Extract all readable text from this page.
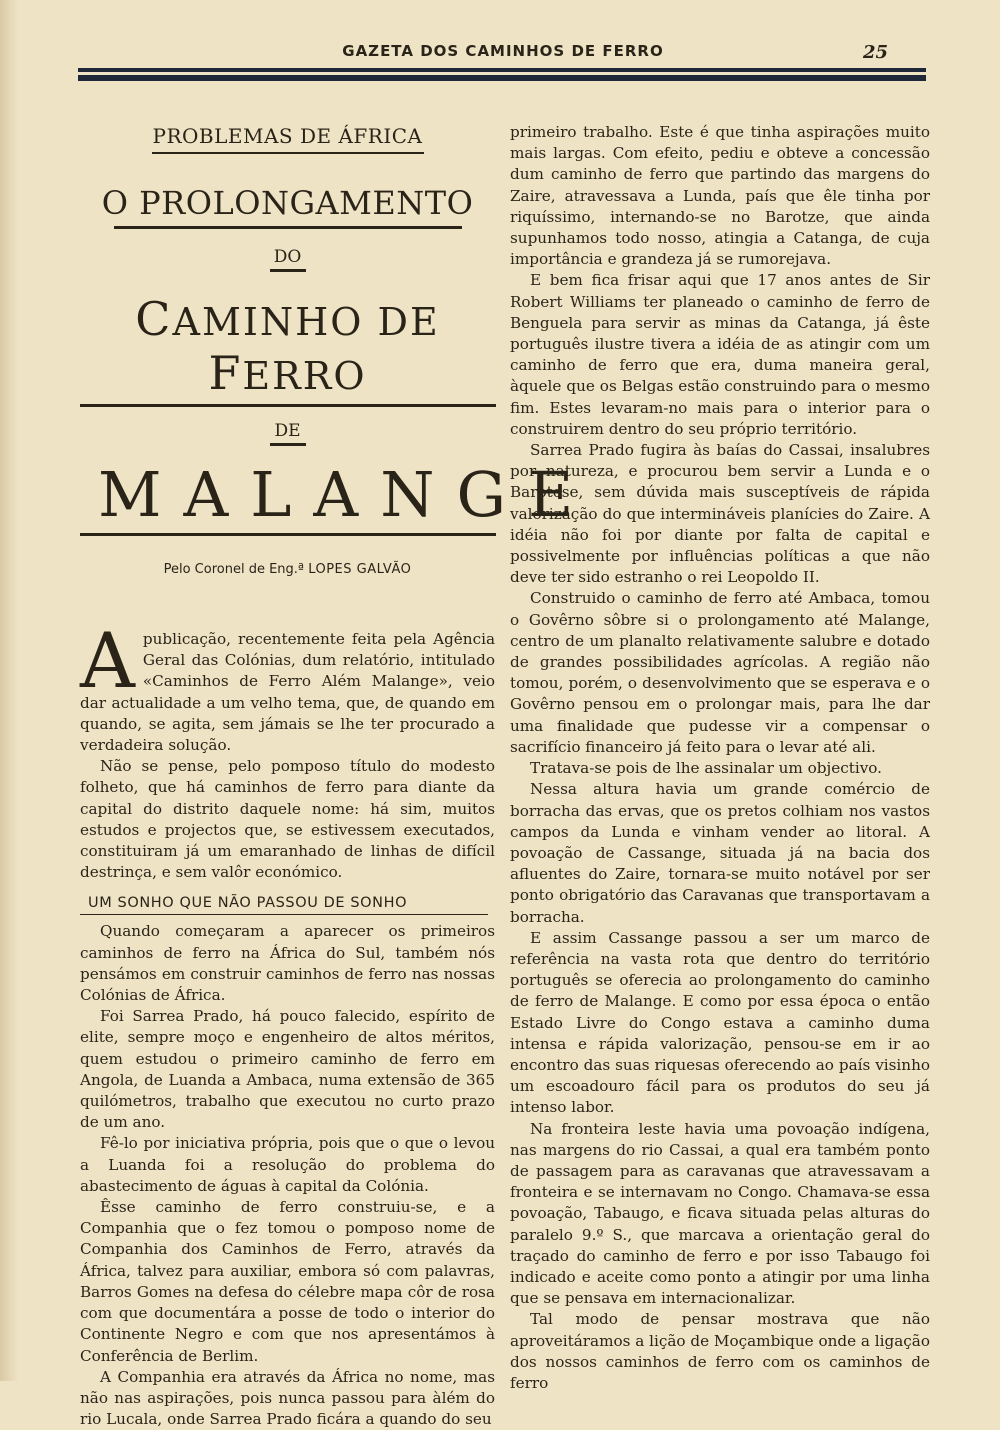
GAZETA DOS CAMINHOS DE FERRO	25
PROBLEMAS DE ÁFRICA
O PROLONGAMENTO
DO
CAMINHO DE FERRO
DE
MALANGE
Pelo Coronel de Eng.ª LOPES GALVÃO

A publicação, recentemente feita pela Agência Geral das Colónias, dum relatório, intitulado «Caminhos de Ferro Além Malange», veio dar actualidade a um velho tema, que, de quando em quando, se agita, sem jámais se lhe ter procurado a verdadeira solução.

Não se pense, pelo pomposo título do modesto folheto, que há caminhos de ferro para diante da capital do distrito daquele nome: há sim, muitos estudos e projectos que, se estivessem executados, constituiram já um emaranhado de linhas de difícil destrinça, e sem valôr económico.

UM SONHO QUE NÃO PASSOU DE SONHO

Quando começaram a aparecer os primeiros caminhos de ferro na África do Sul, também nós pensámos em construir caminhos de ferro nas nossas Colónias de África.

Foi Sarrea Prado, há pouco falecido, espírito de elite, sempre moço e engenheiro de altos méritos, quem estudou o primeiro caminho de ferro em Angola, de Luanda a Ambaca, numa extensão de 365 quilómetros, trabalho que executou no curto prazo de um ano.

Fê-lo por iniciativa própria, pois que o que o levou a Luanda foi a resolução do problema do abastecimento de águas à capital da Colónia.

Êsse caminho de ferro construiu-se, e a Companhia que o fez tomou o pomposo nome de Companhia dos Caminhos de Ferro, através da África, talvez para auxiliar, embora só com palavras, Barros Gomes na defesa do célebre mapa côr de rosa com que documentára a posse de todo o interior do Continente Negro e com que nos apresentámos à Conferência de Berlim.

A Companhia era através da África no nome, mas não nas aspirações, pois nunca passou para àlém do rio Lucala, onde Sarrea Prado ficára a quando do seu

primeiro trabalho. Este é que tinha aspirações muito mais largas. Com efeito, pediu e obteve a concessão dum caminho de ferro que partindo das margens do Zaire, atravessava a Lunda, país que êle tinha por riquíssimo, internando-se no Barotze, que ainda supunhamos todo nosso, atingia a Catanga, de cuja importância e grandeza já se rumorejava.

E bem fica frisar aqui que 17 anos antes de Sir Robert Williams ter planeado o caminho de ferro de Benguela para servir as minas da Catanga, já êste português ilustre tivera a idéia de as atingir com um caminho de ferro que era, duma maneira geral, àquele que os Belgas estão construindo para o mesmo fim. Estes levaram-no mais para o interior para o construirem dentro do seu próprio território.

Sarrea Prado fugira às baías do Cassai, insalubres por natureza, e procurou bem servir a Lunda e o Barotese, sem dúvida mais susceptíveis de rápida valorização do que intermináveis planícies do Zaire. A idéia não foi por diante por falta de capital e possivelmente por influências políticas a que não deve ter sido estranho o rei Leopoldo II.

Construido o caminho de ferro até Ambaca, tomou o Govêrno sôbre si o prolongamento até Malange, centro de um planalto relativamente salubre e dotado de grandes possibilidades agrícolas. A região não tomou, porém, o desenvolvimento que se esperava e o Govêrno pensou em o prolongar mais, para lhe dar uma finalidade que pudesse vir a compensar o sacrifício financeiro já feito para o levar até ali.

Tratava-se pois de lhe assinalar um objectivo.

Nessa altura havia um grande comércio de borracha das ervas, que os pretos colhiam nos vastos campos da Lunda e vinham vender ao litoral. A povoação de Cassange, situada já na bacia dos afluentes do Zaire, tornara-se muito notável por ser ponto obrigatório das Caravanas que transportavam a borracha.

E assim Cassange passou a ser um marco de referência na vasta rota que dentro do território português se oferecia ao prolongamento do caminho de ferro de Malange. E como por essa época o então Estado Livre do Congo estava a caminho duma intensa e rápida valorização, pensou-se em ir ao encontro das suas riquesas oferecendo ao país visinho um escoadouro fácil para os produtos do seu já intenso labor.

Na fronteira leste havia uma povoação indígena, nas margens do rio Cassai, a qual era também ponto de passagem para as caravanas que atravessavam a fronteira e se internavam no Congo. Chamava-se essa povoação, Tabaugo, e ficava situada pelas alturas do paralelo 9.º S., que marcava a orientação geral do traçado do caminho de ferro e por isso Tabaugo foi indicado e aceite como ponto a atingir por uma linha que se pensava em internacionalizar.

Tal modo de pensar mostrava que não aproveitáramos a lição de Moçambique onde a ligação dos nossos caminhos de ferro com os caminhos de ferro
